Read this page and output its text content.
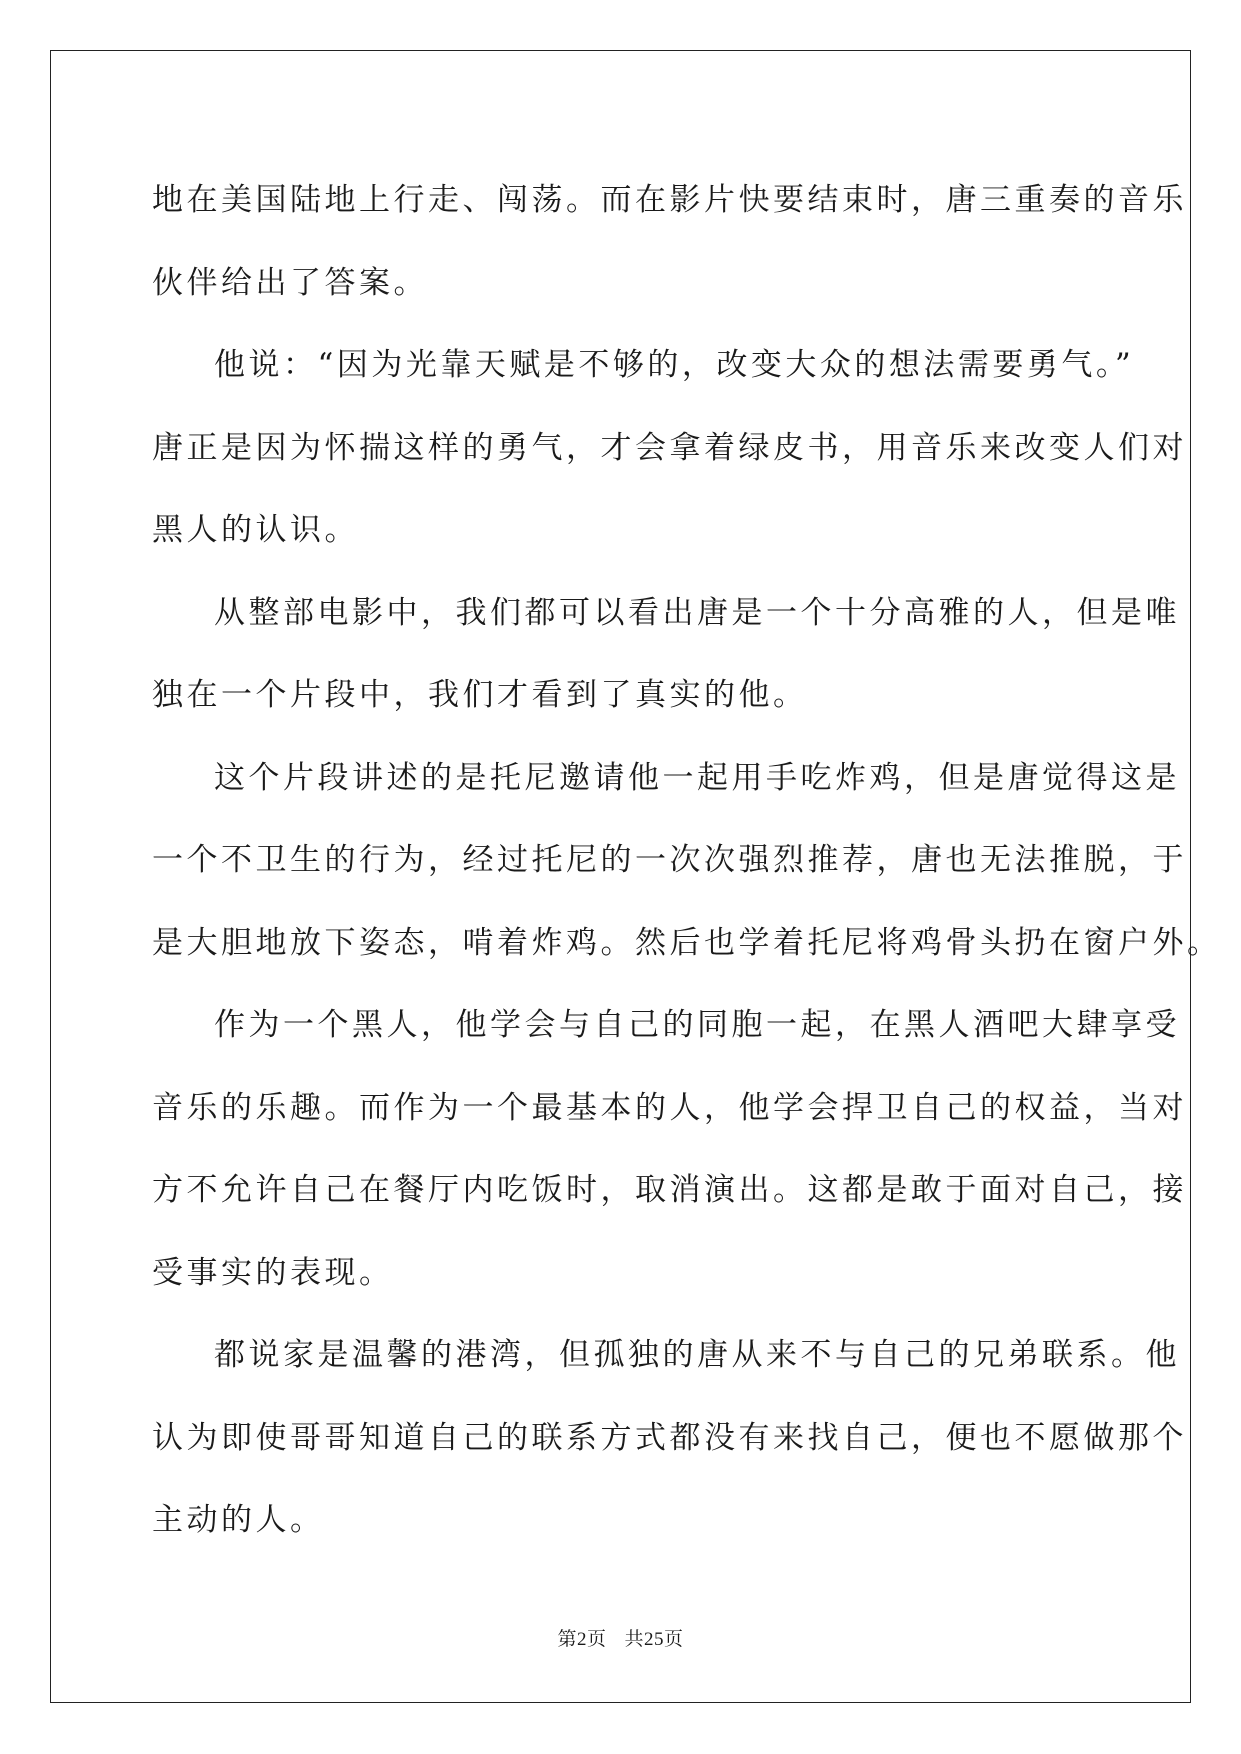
地在美国陆地上行走、闯荡。而在影片快要结束时，唐三重奏的音乐

伙伴给出了答案。

他说：“因为光靠天赋是不够的，改变大众的想法需要勇气。”

唐正是因为怀揣这样的勇气，才会拿着绿皮书，用音乐来改变人们对

黑人的认识。

从整部电影中，我们都可以看出唐是一个十分高雅的人，但是唯

独在一个片段中，我们才看到了真实的他。

这个片段讲述的是托尼邀请他一起用手吃炸鸡，但是唐觉得这是

一个不卫生的行为，经过托尼的一次次强烈推荐，唐也无法推脱，于

是大胆地放下姿态，啃着炸鸡。然后也学着托尼将鸡骨头扔在窗户外。

作为一个黑人，他学会与自己的同胞一起，在黑人酒吧大肆享受

音乐的乐趣。而作为一个最基本的人，他学会捍卫自己的权益，当对

方不允许自己在餐厅内吃饭时，取消演出。这都是敢于面对自己，接

受事实的表现。

都说家是温馨的港湾，但孤独的唐从来不与自己的兄弟联系。他

认为即使哥哥知道自己的联系方式都没有来找自己，便也不愿做那个

主动的人。

第2页 共25页
